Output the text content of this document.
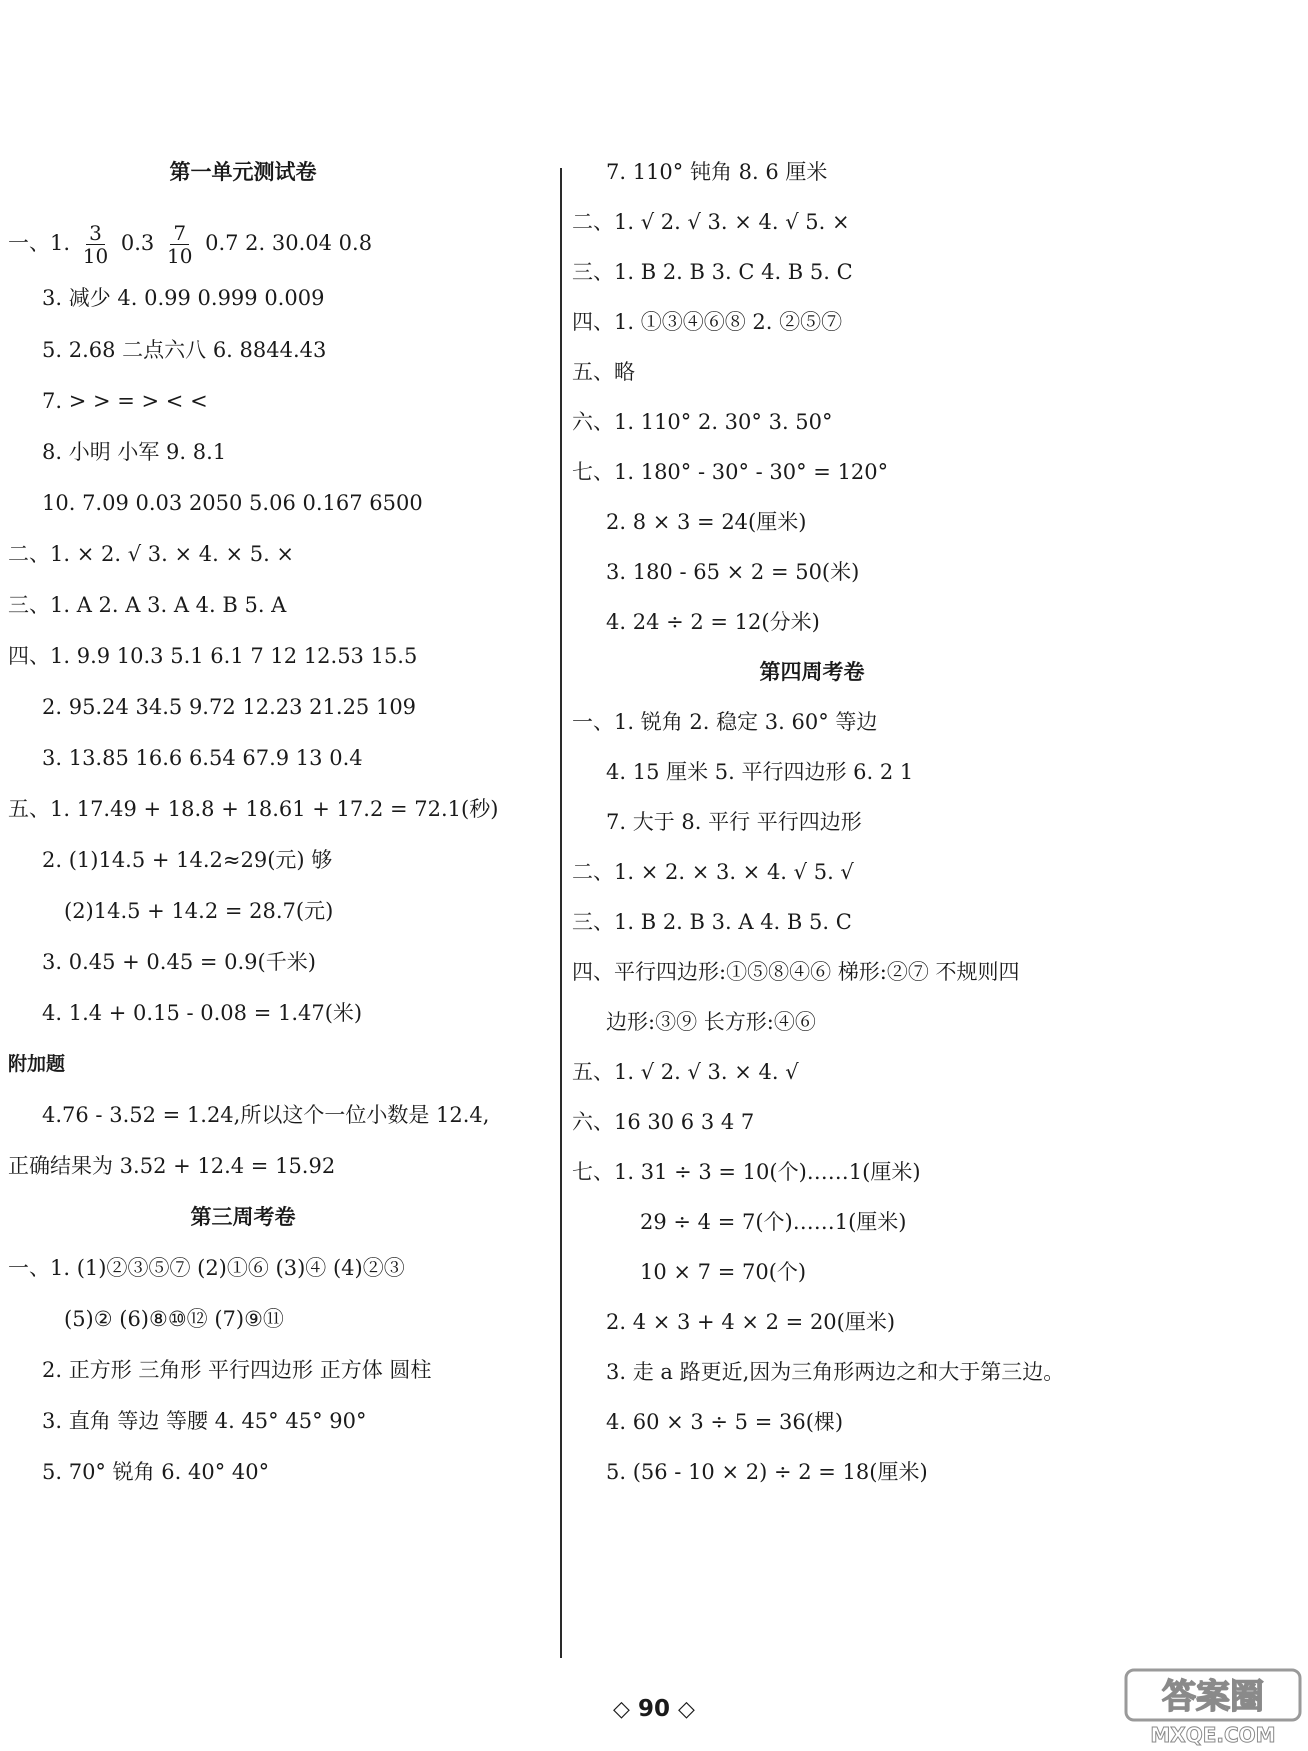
第一单元测试卷
一、1. $\frac{3}{10} 0.3 \frac{7}{10} 0.7$ 2. 30.04 0.8
3. 减少 4. 0.99 0.999 0.009
5. 2.68 二点六八 6. 8844.43
7. > > = > < <
8. 小明 小军 9. 8.1
10. 7.09 0.03 2050 5.06 0.167 6500
二、1. × 2. √ 3. × 4. × 5. ×
三、1. A 2. A 3. A 4. B 5. A
四、1. 9.9 10.3 5.1 6.1 7 12 12.53 15.5
2. 95.24 34.5 9.72 12.23 21.25 109
3. 13.85 16.6 6.54 67.9 13 0.4
五、1. 17.49 + 18.8 + 18.61 + 17.2 = 72.1(秒)
2. (1)14.5 + 14.2≈29(元) 够
(2)14.5 + 14.2 = 28.7(元)
3. 0.45 + 0.45 = 0.9(千米)
4. 1.4 + 0.15 - 0.08 = 1.47(米)
附加题
4.76 - 3.52 = 1.24,所以这个一位小数是 12.4,
正确结果为 3.52 + 12.4 = 15.92
第三周考卷
一、1. (1)②③⑤⑦ (2)①⑥ (3)④ (4)②③
(5)② (6)⑧⑩⑫ (7)⑨⑪
2. 正方形 三角形 平行四边形 正方体 圆柱
3. 直角 等边 等腰 4. 45° 45° 90°
5. 70° 锐角 6. 40° 40°
7. 110° 钝角 8. 6 厘米
二、1. √ 2. √ 3. × 4. √ 5. ×
三、1. B 2. B 3. C 4. B 5. C
四、1. ①③④⑥⑧ 2. ②⑤⑦
五、略
六、1. 110° 2. 30° 3. 50°
七、1. 180° - 30° - 30° = 120°
2. 8 × 3 = 24(厘米)
3. 180 - 65 × 2 = 50(米)
4. 24 ÷ 2 = 12(分米)
第四周考卷
一、1. 锐角 2. 稳定 3. 60° 等边
4. 15 厘米 5. 平行四边形 6. 2 1
7. 大于 8. 平行 平行四边形
二、1. × 2. × 3. × 4. √ 5. √
三、1. B 2. B 3. A 4. B 5. C
四、平行四边形:①⑤⑧④⑥ 梯形:②⑦ 不规则四
边形:③⑨ 长方形:④⑥
五、1. √ 2. √ 3. × 4. √
六、16 30 6 3 4 7
七、1. 31 ÷ 3 = 10(个)……1(厘米)
29 ÷ 4 = 7(个)……1(厘米)
10 × 7 = 70(个)
2. 4 × 3 + 4 × 2 = 20(厘米)
3. 走 a 路更近,因为三角形两边之和大于第三边。
4. 60 × 3 ÷ 5 = 36(棵)
5. (56 - 10 × 2) ÷ 2 = 18(厘米)
◇ 90 ◇	答案圈
MXQE.COM
